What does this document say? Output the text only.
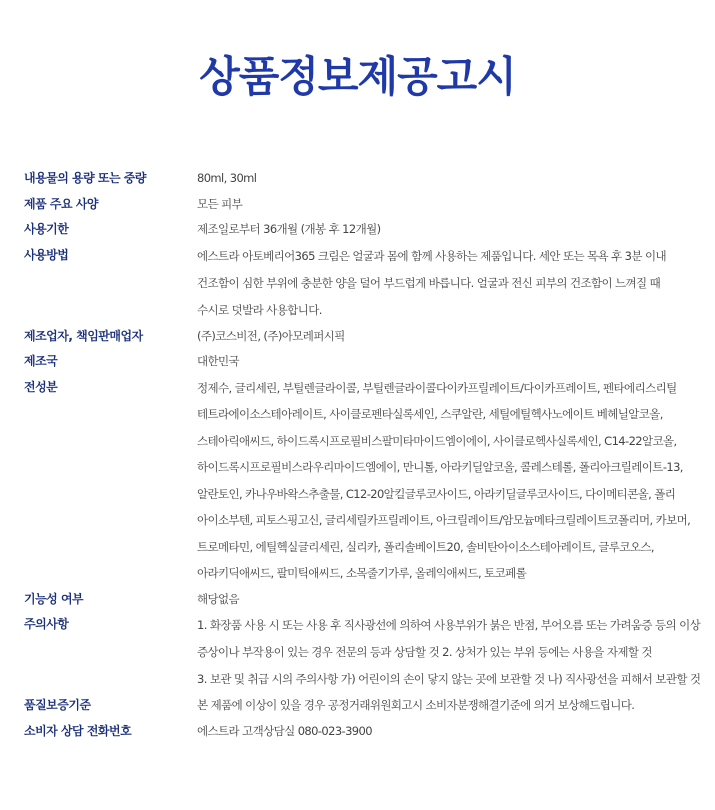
상품정보제공고시
내용물의 용량 또는 중량	80ml, 30ml
제품 주요 사양	모든 피부
사용기한	제조일로부터 36개월 (개봉 후 12개월)
사용방법	에스트라 아토베리어365 크림은 얼굴과 몸에 함께 사용하는 제품입니다. 세안 또는 목욕 후 3분 이내
건조함이 심한 부위에 충분한 양을 덜어 부드럽게 바릅니다. 얼굴과 전신 피부의 건조함이 느껴질 때
수시로 덧발라 사용합니다.
제조업자, 책임판매업자	(주)코스비전, (주)아모레퍼시픽
제조국	대한민국
전성분	정제수, 글리세린, 부틸렌글라이콜, 부틸렌글라이콜다이카프릴레이트/다이카프레이트, 펜타에리스리틸
테트라에이소스테아레이트, 사이클로펜타실록세인, 스쿠알란, 세틸에틸헥사노에이트 베헤닐알코올,
스테아릭애씨드, 하이드록시프로필비스팔미타마이드엠이에이, 사이클로헥사실록세인, C14-22알코올,
하이드록시프로필비스라우리마이드엠에이, 만니톨, 아라키딜알코올, 콜레스테롤, 폴리아크릴레이트-13,
알란토인, 카나우바왁스추출물, C12-20알킬글루코사이드, 아라키딜글루코사이드, 다이메티콘올, 폴리
아이소부텐, 피토스핑고신, 글리세릴카프릴레이트, 아크릴레이트/암모늄메타크릴레이트코폴리머, 카보머,
트로메타민, 에틸헥실글리세린, 실리카, 폴리솔베이트20, 솔비탄아이소스테아레이트, 글루코오스,
아라키딕애씨드, 팔미틱애씨드, 소목줄기가루, 올레익애씨드, 토코페롤
기능성 여부	해당없음
주의사항	1. 화장품 사용 시 또는 사용 후 직사광선에 의하여 사용부위가 붉은 반점, 부어오름 또는 가려움증 등의 이상
증상이나 부작용이 있는 경우 전문의 등과 상담할 것 2. 상처가 있는 부위 등에는 사용을 자제할 것
3. 보관 및 취급 시의 주의사항 가) 어린이의 손이 닿지 않는 곳에 보관할 것 나) 직사광선을 피해서 보관할 것
품질보증기준	본 제품에 이상이 있을 경우 공정거래위원회고시 소비자분쟁해결기준에 의거 보상해드립니다.
소비자 상담 전화번호	에스트라 고객상담실 080-023-3900
